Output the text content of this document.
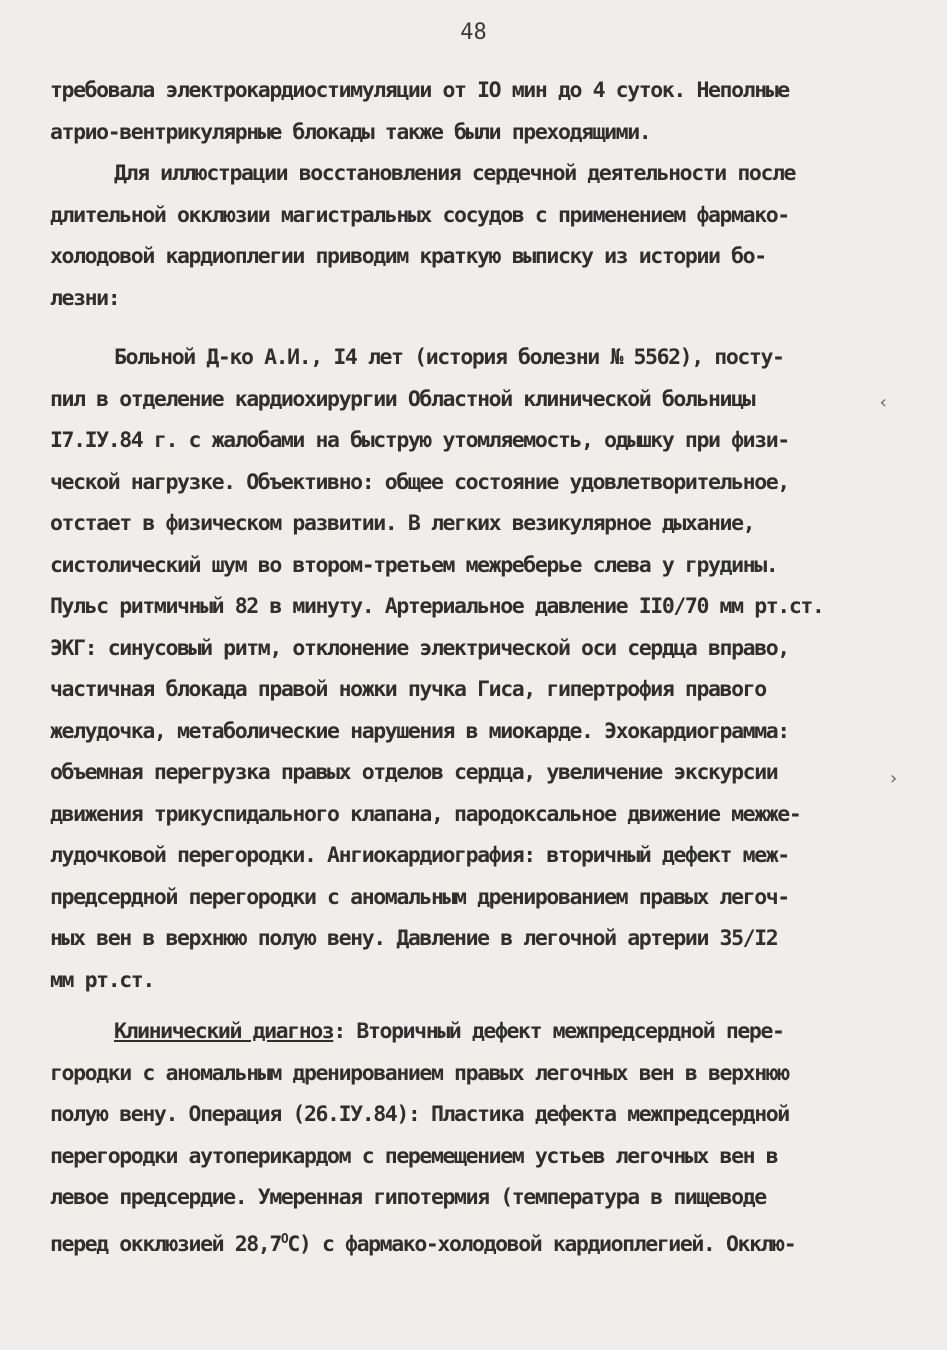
48
требовала электрокардиостимуляции от IO мин до 4 суток. Неполные
атрио-вентрикулярные блокады также были преходящими.
Для иллюстрации восстановления сердечной деятельности после
длительной окклюзии магистральных сосудов с применением фармако-
холодовой кардиоплегии приводим краткую выписку из истории бо-
лезни:
Больной Д-ко А.И., I4 лет (история болезни № 5562), посту-
пил в отделение кардиохирургии Областной клинической больницы
I7.IУ.84 г. с жалобами на быструю утомляемость, одышку при физи-
ческой нагрузке. Объективно: общее состояние удовлетворительное,
отстает в физическом развитии. В легких везикулярное дыхание,
систолический шум во втором-третьем межреберье слева у грудины.
Пульс ритмичный 82 в минуту. Артериальное давление II0/70 мм рт.ст.
ЭКГ: синусовый ритм, отклонение электрической оси сердца вправо,
частичная блокада правой ножки пучка Гиса, гипертрофия правого
желудочка, метаболические нарушения в миокарде. Эхокардиограмма:
объемная перегрузка правых отделов сердца, увеличение экскурсии
движения трикуспидального клапана, пародоксальное движение межже-
лудочковой перегородки. Ангиокардиография: вторичный дефект меж-
предсердной перегородки с аномальным дренированием правых легоч-
ных вен в верхнюю полую вену. Давление в легочной артерии 35/I2
мм рт.ст.
Клинический диагноз: Вторичный дефект межпредсердной пере-
городки с аномальным дренированием правых легочных вен в верхнюю
полую вену. Операция (26.IУ.84): Пластика дефекта межпредсердной
перегородки аутоперикардом с перемещением устьев легочных вен в
левое предсердие. Умеренная гипотермия (температура в пищеводе
перед окклюзией $28,7^ОС$) с фармако-холодовой кардиоплегией. Окклю-
‹
›
